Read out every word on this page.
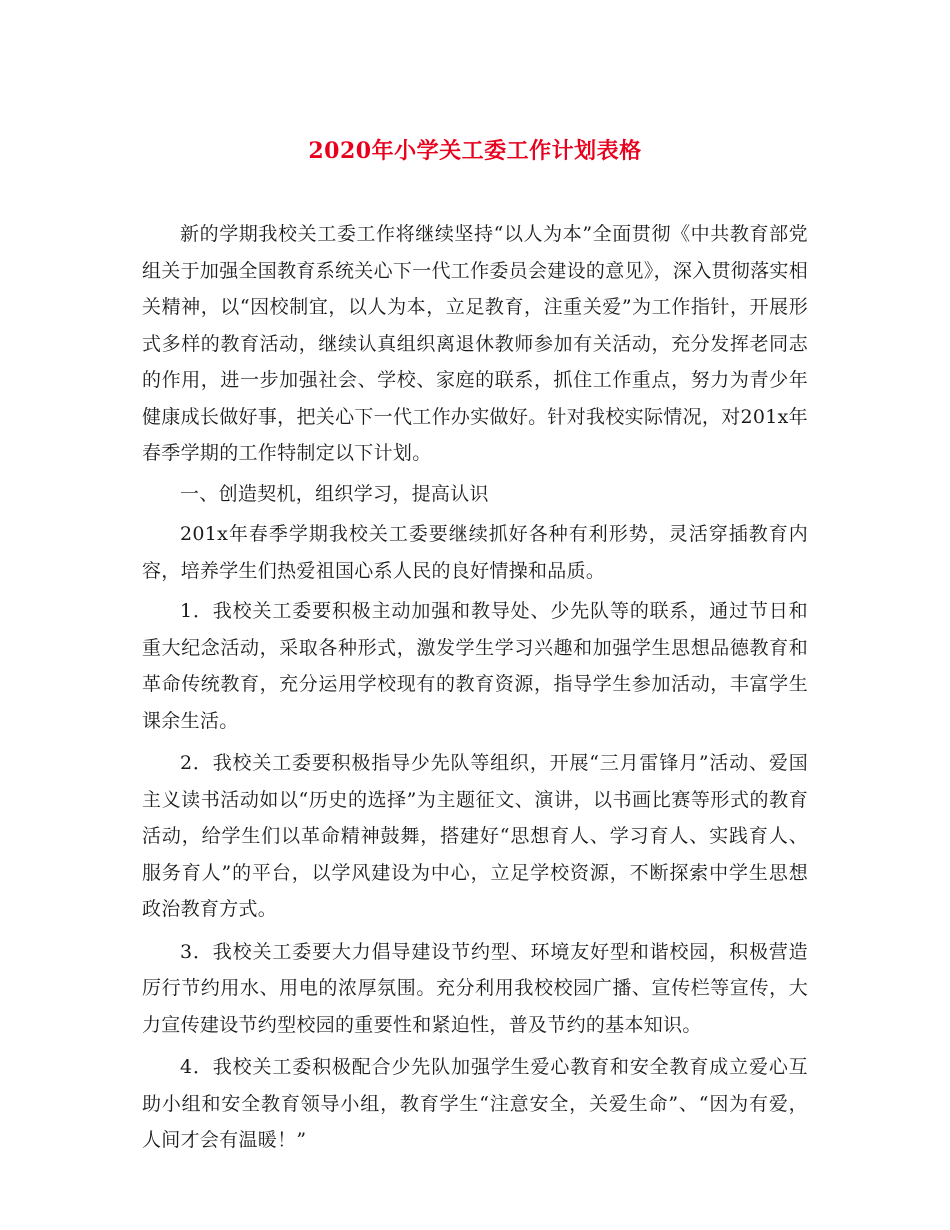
2020年小学关工委工作计划表格

新的学期我校关工委工作将继续坚持“以人为本”全面贯彻《中共教育部党组关于加强全国教育系统关心下一代工作委员会建设的意见》，深入贯彻落实相关精神，以“因校制宜，以人为本，立足教育，注重关爱”为工作指针，开展形式多样的教育活动，继续认真组织离退休教师参加有关活动，充分发挥老同志的作用，进一步加强社会、学校、家庭的联系，抓住工作重点，努力为青少年健康成长做好事，把关心下一代工作办实做好。针对我校实际情况，对201x年春季学期的工作特制定以下计划。

一、创造契机，组织学习，提高认识

201x年春季学期我校关工委要继续抓好各种有利形势，灵活穿插教育内容，培养学生们热爱祖国心系人民的良好情操和品质。

1．我校关工委要积极主动加强和教导处、少先队等的联系，通过节日和重大纪念活动，采取各种形式，激发学生学习兴趣和加强学生思想品德教育和革命传统教育，充分运用学校现有的教育资源，指导学生参加活动，丰富学生课余生活。

2．我校关工委要积极指导少先队等组织，开展“三月雷锋月”活动、爱国主义读书活动如以“历史的选择”为主题征文、演讲，以书画比赛等形式的教育活动，给学生们以革命精神鼓舞，搭建好“思想育人、学习育人、实践育人、服务育人”的平台，以学风建设为中心，立足学校资源，不断探索中学生思想政治教育方式。

3．我校关工委要大力倡导建设节约型、环境友好型和谐校园，积极营造厉行节约用水、用电的浓厚氛围。充分利用我校校园广播、宣传栏等宣传，大力宣传建设节约型校园的重要性和紧迫性，普及节约的基本知识。

4．我校关工委积极配合少先队加强学生爱心教育和安全教育成立爱心互助小组和安全教育领导小组，教育学生“注意安全，关爱生命”、“因为有爱，人间才会有温暖！”
